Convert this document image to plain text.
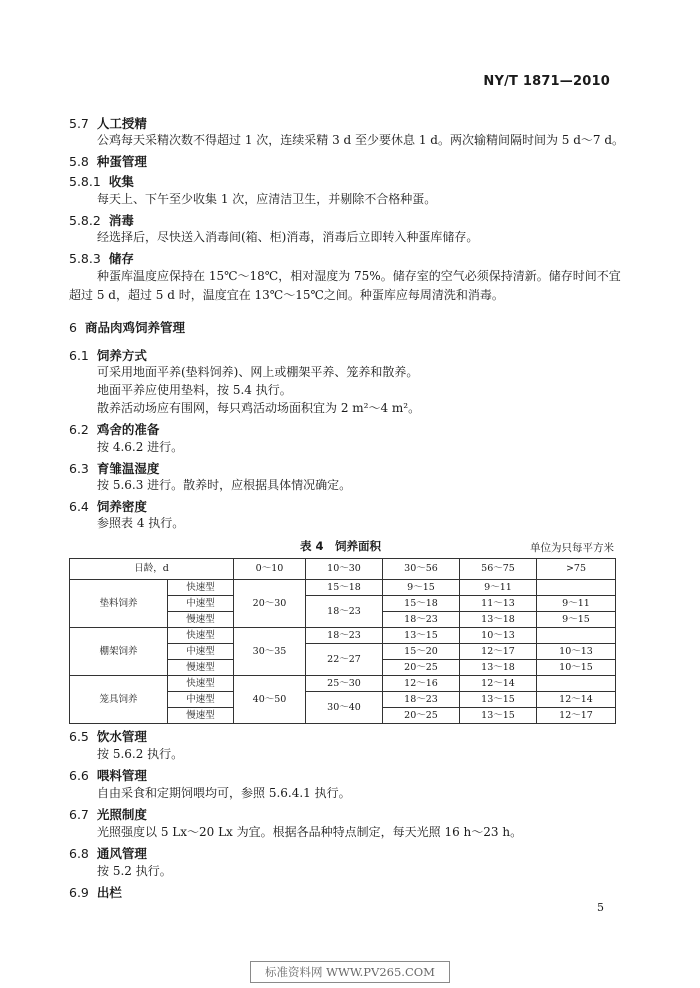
NY/T 1871—2010
5.7 人工授精
公鸡每天采精次数不得超过 1 次，连续采精 3 d 至少要休息 1 d。两次输精间隔时间为 5 d～7 d。
5.8 种蛋管理
5.8.1 收集
每天上、下午至少收集 1 次，应清洁卫生，并剔除不合格种蛋。
5.8.2 消毒
经选择后，尽快送入消毒间(箱、柜)消毒，消毒后立即转入种蛋库储存。
5.8.3 储存
种蛋库温度应保持在 15℃～18℃，相对湿度为 75%。储存室的空气必须保持清新。储存时间不宜
超过 5 d，超过 5 d 时，温度宜在 13℃～15℃之间。种蛋库应每周清洗和消毒。
6 商品肉鸡饲养管理
6.1 饲养方式
可采用地面平养(垫料饲养)、网上或棚架平养、笼养和散养。
地面平养应使用垫料，按 5.4 执行。
散养活动场应有围网，每只鸡活动场面积宜为 2 m²～4 m²。
6.2 鸡舍的准备
按 4.6.2 进行。
6.3 育雏温湿度
按 5.6.3 进行。散养时，应根据具体情况确定。
6.4 饲养密度
参照表 4 执行。
表 4　饲养面积	单位为只每平方米
日龄，d		0～10	10～30	30～56	56～75	>75
垫料饲养	快速型	20～30	15～18	9～15	9～11	
	中速型		18～23	15～18	11～13	9～11
	慢速型			18～23	13～18	9～15
棚架饲养	快速型	30～35	18～23	13～15	10～13	
	中速型		22～27	15～20	12～17	10～13
	慢速型			20～25	13～18	10～15
笼具饲养	快速型	40～50	25～30	12～16	12～14	
	中速型		30～40	18～23	13～15	12～14
	慢速型			20～25	13～15	12～17
6.5 饮水管理
按 5.6.2 执行。
6.6 喂料管理
自由采食和定期饲喂均可，参照 5.6.4.1 执行。
6.7 光照制度
光照强度以 5 Lx～20 Lx 为宜。根据各品种特点制定，每天光照 16 h～23 h。
6.8 通风管理
按 5.2 执行。
6.9 出栏
5
标准资料网 WWW.PV265.COM
